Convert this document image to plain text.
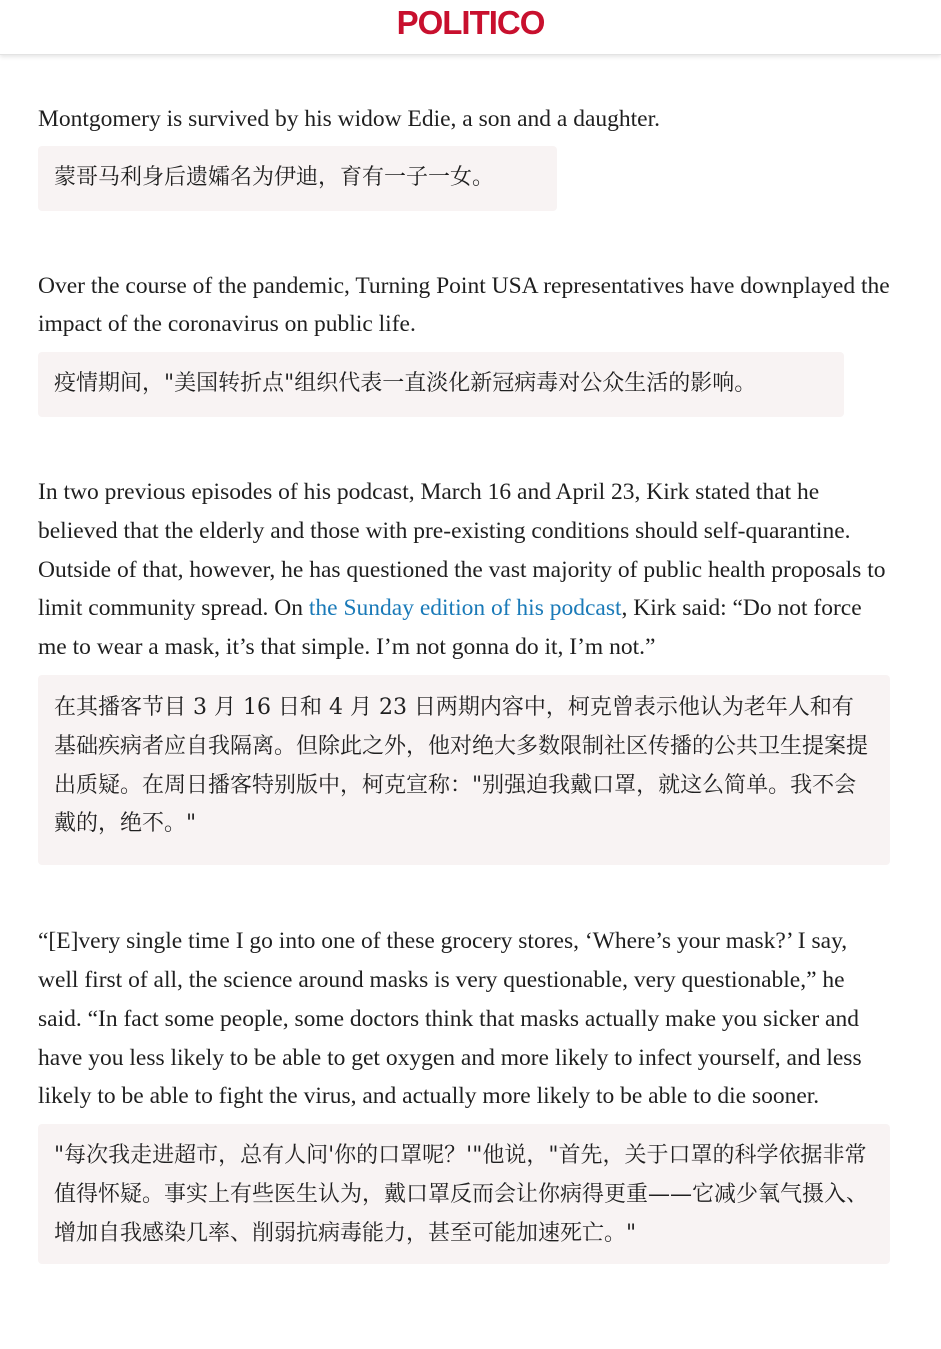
POLITICO

Montgomery is survived by his widow Edie, a son and a daughter.

蒙哥马利身后遗孀名为伊迪，育有一子一女。

Over the course of the pandemic, Turning Point USA representatives have downplayed the impact of the coronavirus on public life.

疫情期间，"美国转折点"组织代表一直淡化新冠病毒对公众生活的影响。

In two previous episodes of his podcast, March 16 and April 23, Kirk stated that he believed that the elderly and those with pre-existing conditions should self-quarantine. Outside of that, however, he has questioned the vast majority of public health proposals to limit community spread. On the Sunday edition of his podcast, Kirk said: “Do not force me to wear a mask, it’s that simple. I’m not gonna do it, I’m not.”

在其播客节目 3 月 16 日和 4 月 23 日两期内容中，柯克曾表示他认为老年人和有基础疾病者应自我隔离。但除此之外，他对绝大多数限制社区传播的公共卫生提案提出质疑。在周日播客特别版中，柯克宣称："别强迫我戴口罩，就这么简单。我不会戴的，绝不。"

“[E]very single time I go into one of these grocery stores, ‘Where’s your mask?’ I say, well first of all, the science around masks is very questionable, very questionable,” he said. “In fact some people, some doctors think that masks actually make you sicker and have you less likely to be able to get oxygen and more likely to infect yourself, and less likely to be able to fight the virus, and actually more likely to be able to die sooner.

"每次我走进超市，总有人问'你的口罩呢？'"他说，"首先，关于口罩的科学依据非常值得怀疑。事实上有些医生认为，戴口罩反而会让你病得更重——它减少氧气摄入、增加自我感染几率、削弱抗病毒能力，甚至可能加速死亡。"
